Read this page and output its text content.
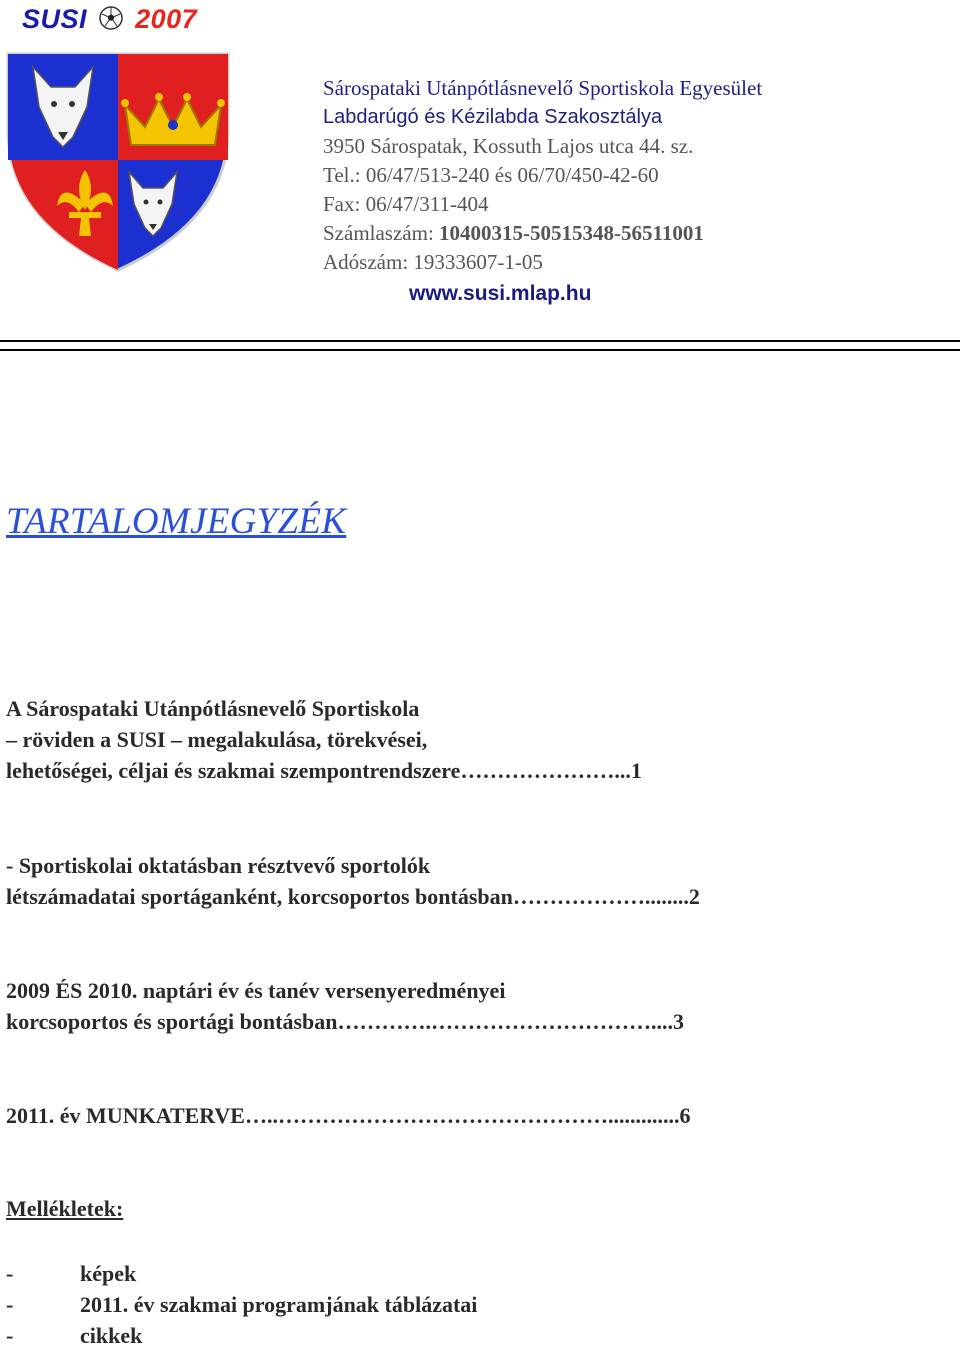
SUSI 2007
Sárospataki Utánpótlásnevelő Sportiskola Egyesület
Labdarúgó és Kézilabda Szakosztálya
3950 Sárospatak, Kossuth Lajos utca 44. sz.
Tel.: 06/47/513-240 és 06/70/450-42-60
Fax: 06/47/311-404
Számlaszám: 10400315-50515348-56511001
Adószám: 19333607-1-05
www.susi.mlap.hu
TARTALOMJEGYZÉK
A Sárospataki Utánpótlásnevelő Sportiskola
– röviden a SUSI – megalakulása, törekvései,
lehetőségei, céljai és szakmai szempontrendszere…………………...1
- Sportiskolai oktatásban résztvevő sportolók
létszámadatai sportáganként, korcsoportos bontásban………………........2
2009 ÉS 2010. naptári év és tanév versenyeredményei
korcsoportos és sportági bontásban………….…………………………....3
2011. év MUNKATERVE…..……………………………………….............6
Mellékletek:
-	képek
-	2011. év szakmai programjának táblázatai
-	cikkek
